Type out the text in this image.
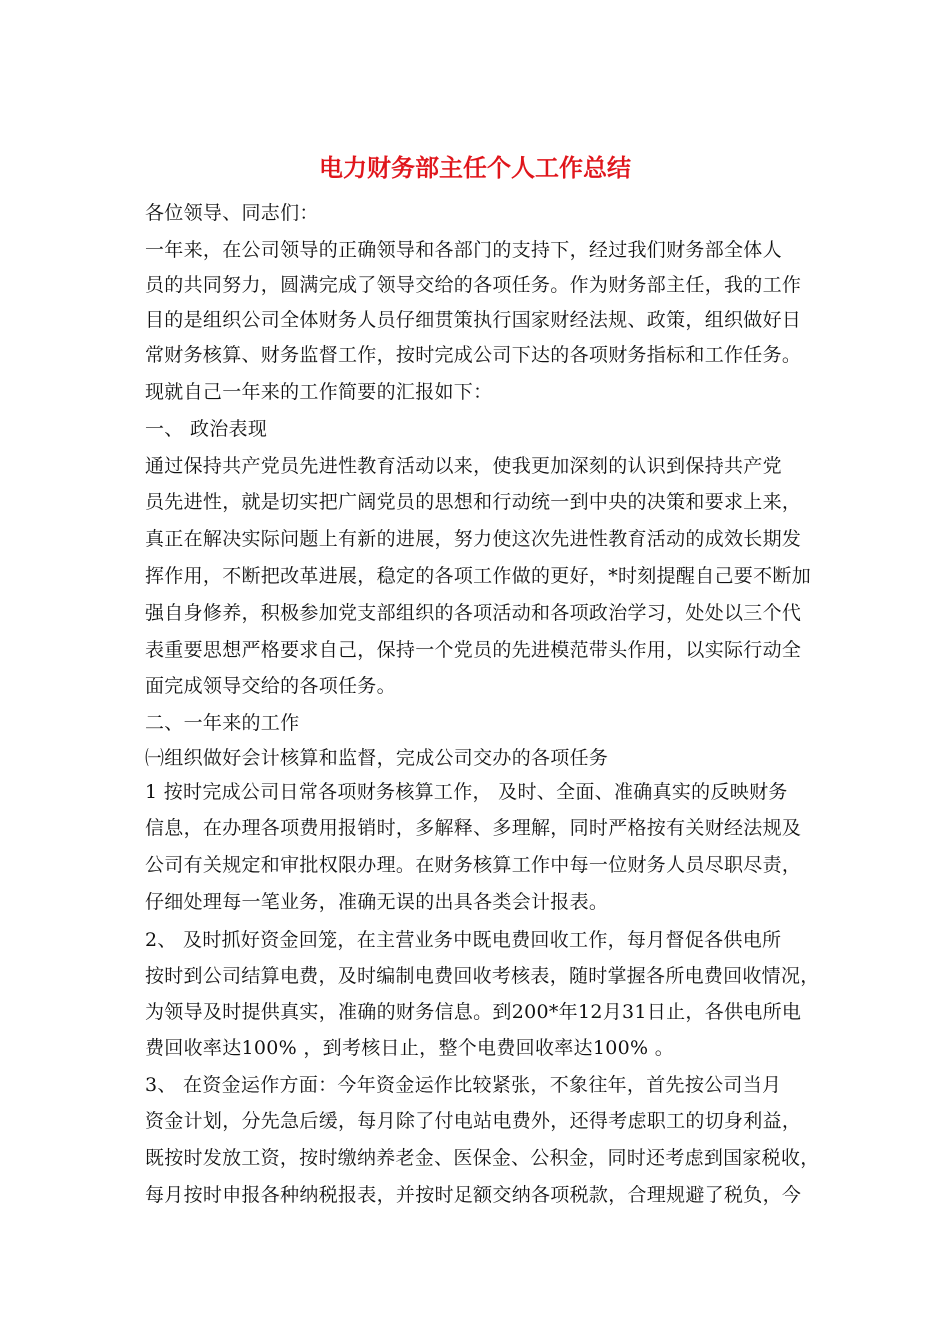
电力财务部主任个人工作总结
各位领导、同志们：
一年来，在公司领导的正确领导和各部门的支持下，经过我们财务部全体人
员的共同努力，圆满完成了领导交给的各项任务。作为财务部主任，我的工作
目的是组织公司全体财务人员仔细贯策执行国家财经法规、政策，组织做好日
常财务核算、财务监督工作，按时完成公司下达的各项财务指标和工作任务。
现就自己一年来的工作简要的汇报如下：
一、 政治表现
通过保持共产党员先进性教育活动以来，使我更加深刻的认识到保持共产党
员先进性，就是切实把广阔党员的思想和行动统一到中央的决策和要求上来，
真正在解决实际问题上有新的进展，努力使这次先进性教育活动的成效长期发
挥作用，不断把改革进展，稳定的各项工作做的更好，*时刻提醒自己要不断加
强自身修养，积极参加党支部组织的各项活动和各项政治学习，处处以三个代
表重要思想严格要求自己，保持一个党员的先进模范带头作用，以实际行动全
面完成领导交给的各项任务。
二、一年来的工作
㈠组织做好会计核算和监督，完成公司交办的各项任务
1 按时完成公司日常各项财务核算工作， 及时、全面、准确真实的反映财务
信息，在办理各项费用报销时，多解释、多理解，同时严格按有关财经法规及
公司有关规定和审批权限办理。在财务核算工作中每一位财务人员尽职尽责，
仔细处理每一笔业务，准确无误的出具各类会计报表。
2、 及时抓好资金回笼，在主营业务中既电费回收工作，每月督促各供电所
按时到公司结算电费，及时编制电费回收考核表，随时掌握各所电费回收情况，
为领导及时提供真实，准确的财务信息。到200*年12月31日止，各供电所电
费回收率达100% ，到考核日止，整个电费回收率达100% 。
3、 在资金运作方面：今年资金运作比较紧张，不象往年，首先按公司当月
资金计划，分先急后缓，每月除了付电站电费外，还得考虑职工的切身利益，
既按时发放工资，按时缴纳养老金、医保金、公积金，同时还考虑到国家税收，
每月按时申报各种纳税报表，并按时足额交纳各项税款，合理规避了税负，今
